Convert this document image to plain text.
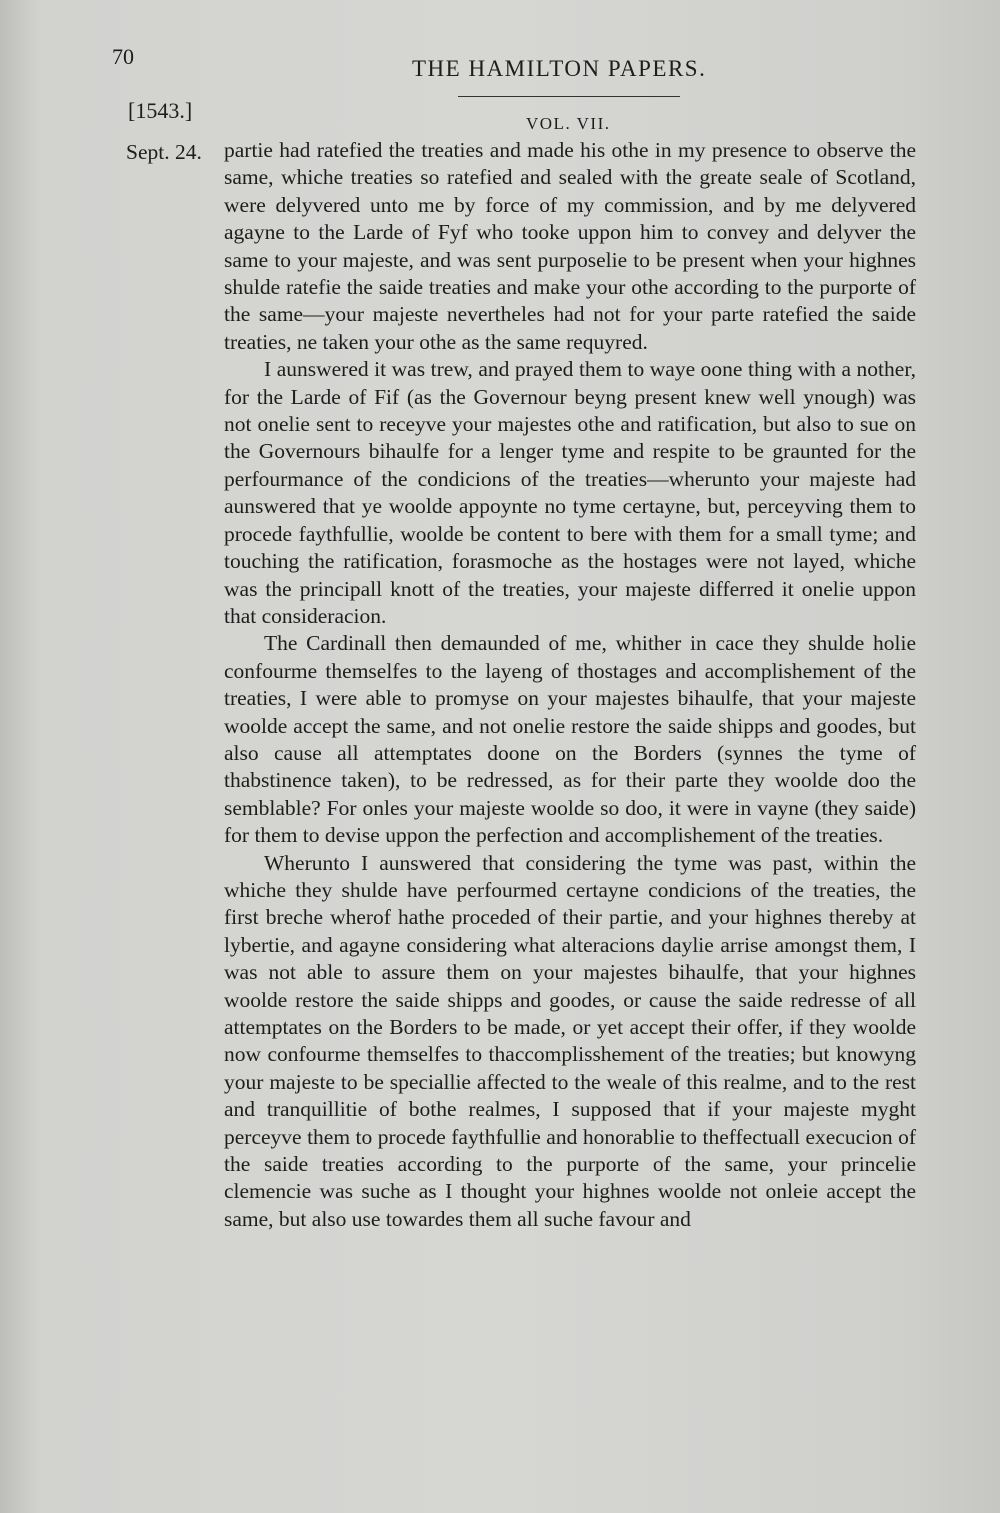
70	THE HAMILTON PAPERS.
[1543.]
VOL. VII.
Sept. 24. partie had ratefied the treaties and made his othe in my presence to observe the same, whiche treaties so ratefied and sealed with the greate seale of Scotland, were delyvered unto me by force of my commission, and by me delyvered agayne to the Larde of Fyf who tooke uppon him to convey and delyver the same to your majeste, and was sent purposelie to be present when your highnes shulde ratefie the saide treaties and make your othe according to the purporte of the same—your majeste nevertheles had not for your parte ratefied the saide treaties, ne taken your othe as the same requyred.

I aunswered it was trew, and prayed them to waye oone thing with a nother, for the Larde of Fif (as the Governour beyng present knew well ynough) was not onelie sent to receyve your majestes othe and ratification, but also to sue on the Governours bihaulfe for a lenger tyme and respite to be graunted for the perfourmance of the condicions of the treaties—wherunto your majeste had aunswered that ye woolde appoynte no tyme certayne, but, perceyving them to procede faythfullie, woolde be content to bere with them for a small tyme; and touching the ratification, forasmoche as the hostages were not layed, whiche was the principall knott of the treaties, your majeste differred it onelie uppon that consideracion.

The Cardinall then demaunded of me, whither in cace they shulde holie confourme themselfes to the layeng of thostages and accomplishement of the treaties, I were able to promyse on your majestes bihaulfe, that your majeste woolde accept the same, and not onelie restore the saide shipps and goodes, but also cause all attemptates doone on the Borders (synnes the tyme of thabstinence taken), to be redressed, as for their parte they woolde doo the semblable? For onles your majeste woolde so doo, it were in vayne (they saide) for them to devise uppon the perfection and accomplishement of the treaties.

Wherunto I aunswered that considering the tyme was past, within the whiche they shulde have perfourmed certayne condicions of the treaties, the first breche wherof hathe proceded of their partie, and your highnes thereby at lybertie, and agayne considering what alteracions daylie arrise amongst them, I was not able to assure them on your majestes bihaulfe, that your highnes woolde restore the saide shipps and goodes, or cause the saide redresse of all attemptates on the Borders to be made, or yet accept their offer, if they woolde now confourme themselfes to thaccomplisshement of the treaties; but knowyng your majeste to be speciallie affected to the weale of this realme, and to the rest and tranquillitie of bothe realmes, I supposed that if your majeste myght perceyve them to procede faythfullie and honorablie to theffectuall execucion of the saide treaties according to the purporte of the same, your princelie clemencie was suche as I thought your highnes woolde not onleie accept the same, but also use towardes them all suche favour and
